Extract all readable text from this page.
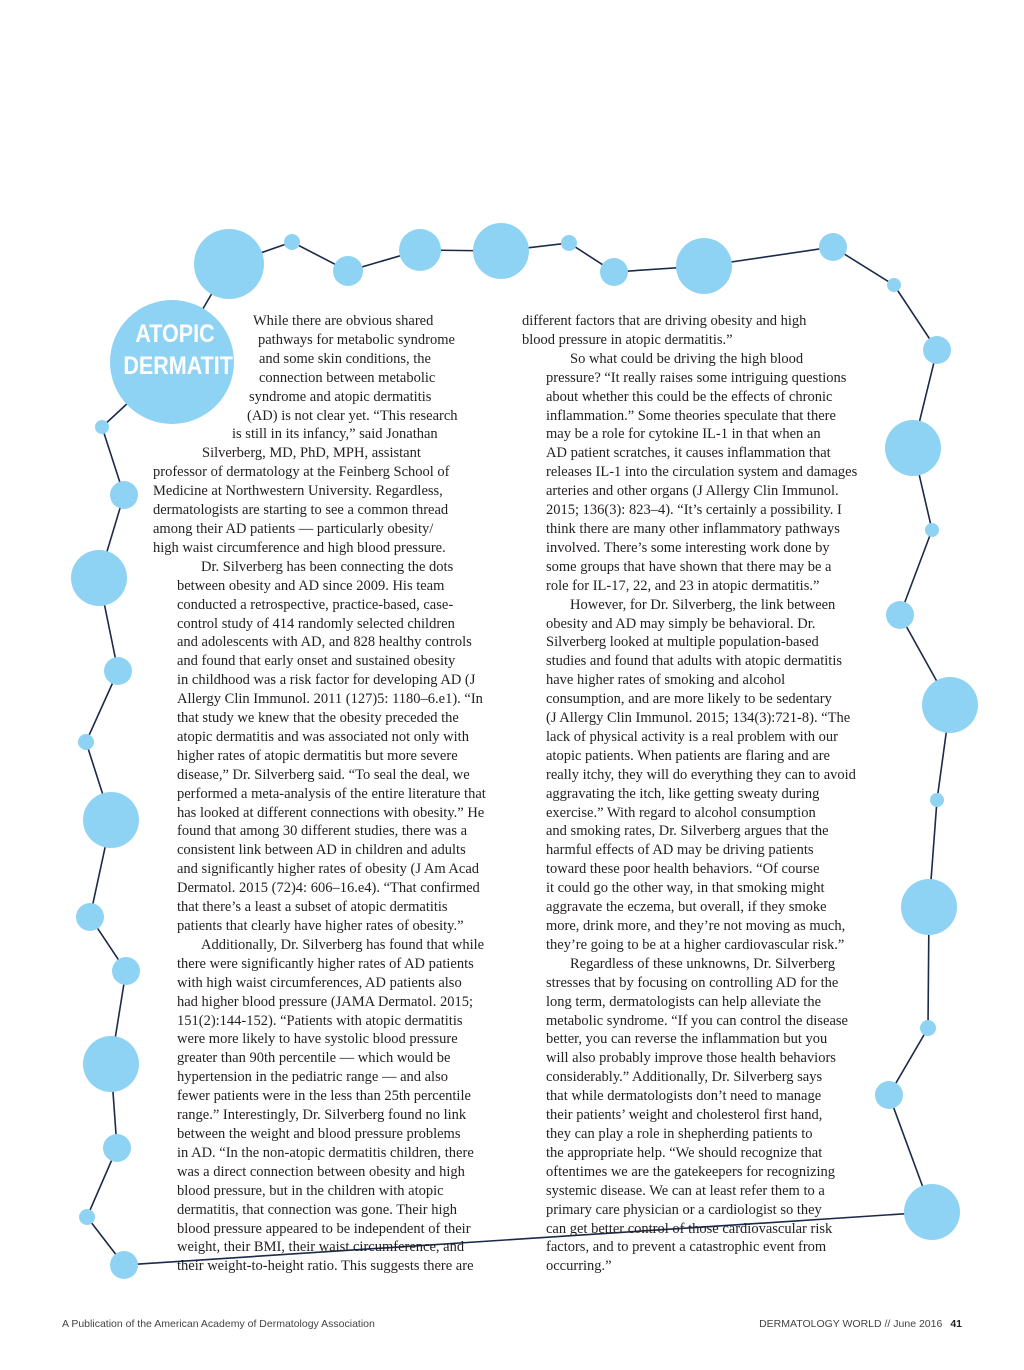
ATOPIC
DERMATITIS

While there are obvious shared
pathways for metabolic syndrome
and some skin conditions, the
connection between metabolic
syndrome and atopic dermatitis
(AD) is not clear yet. “This research
is still in its infancy,” said Jonathan
Silverberg, MD, PhD, MPH, assistant
professor of dermatology at the Feinberg School of
Medicine at Northwestern University. Regardless,
dermatologists are starting to see a common thread
among their AD patients — particularly obesity/
high waist circumference and high blood pressure.

Dr. Silverberg has been connecting the dots
between obesity and AD since 2009. His team
conducted a retrospective, practice-based, case-
control study of 414 randomly selected children
and adolescents with AD, and 828 healthy controls
and found that early onset and sustained obesity
in childhood was a risk factor for developing AD (J
Allergy Clin Immunol. 2011 (127)5: 1180–6.e1). “In
that study we knew that the obesity preceded the
atopic dermatitis and was associated not only with
higher rates of atopic dermatitis but more severe
disease,” Dr. Silverberg said. “To seal the deal, we
performed a meta-analysis of the entire literature that
has looked at different connections with obesity.” He
found that among 30 different studies, there was a
consistent link between AD in children and adults
and significantly higher rates of obesity (J Am Acad
Dermatol. 2015 (72)4: 606–16.e4). “That confirmed
that there’s a least a subset of atopic dermatitis
patients that clearly have higher rates of obesity.”

Additionally, Dr. Silverberg has found that while
there were significantly higher rates of AD patients
with high waist circumferences, AD patients also
had higher blood pressure (JAMA Dermatol. 2015;
151(2):144-152). “Patients with atopic dermatitis
were more likely to have systolic blood pressure
greater than 90th percentile — which would be
hypertension in the pediatric range — and also
fewer patients were in the less than 25th percentile
range.” Interestingly, Dr. Silverberg found no link
between the weight and blood pressure problems
in AD. “In the non-atopic dermatitis children, there
was a direct connection between obesity and high
blood pressure, but in the children with atopic
dermatitis, that connection was gone. Their high
blood pressure appeared to be independent of their
weight, their BMI, their waist circumference, and
their weight-to-height ratio. This suggests there are

different factors that are driving obesity and high
blood pressure in atopic dermatitis.”

So what could be driving the high blood
pressure? “It really raises some intriguing questions
about whether this could be the effects of chronic
inflammation.” Some theories speculate that there
may be a role for cytokine IL-1 in that when an
AD patient scratches, it causes inflammation that
releases IL-1 into the circulation system and damages
arteries and other organs (J Allergy Clin Immunol.
2015; 136(3): 823–4). “It’s certainly a possibility. I
think there are many other inflammatory pathways
involved. There’s some interesting work done by
some groups that have shown that there may be a
role for IL-17, 22, and 23 in atopic dermatitis.”

However, for Dr. Silverberg, the link between
obesity and AD may simply be behavioral. Dr.
Silverberg looked at multiple population-based
studies and found that adults with atopic dermatitis
have higher rates of smoking and alcohol
consumption, and are more likely to be sedentary
(J Allergy Clin Immunol. 2015; 134(3):721-8). “The
lack of physical activity is a real problem with our
atopic patients. When patients are flaring and are
really itchy, they will do everything they can to avoid
aggravating the itch, like getting sweaty during
exercise.” With regard to alcohol consumption
and smoking rates, Dr. Silverberg argues that the
harmful effects of AD may be driving patients
toward these poor health behaviors. “Of course
it could go the other way, in that smoking might
aggravate the eczema, but overall, if they smoke
more, drink more, and they’re not moving as much,
they’re going to be at a higher cardiovascular risk.”

Regardless of these unknowns, Dr. Silverberg
stresses that by focusing on controlling AD for the
long term, dermatologists can help alleviate the
metabolic syndrome. “If you can control the disease
better, you can reverse the inflammation but you
will also probably improve those health behaviors
considerably.” Additionally, Dr. Silverberg says
that while dermatologists don’t need to manage
their patients’ weight and cholesterol first hand,
they can play a role in shepherding patients to
the appropriate help. “We should recognize that
oftentimes we are the gatekeepers for recognizing
systemic disease. We can at least refer them to a
primary care physician or a cardiologist so they
can get better control of those cardiovascular risk
factors, and to prevent a catastrophic event from
occurring.”

A Publication of the American Academy of Dermatology Association	DERMATOLOGY WORLD // June 2016 41
